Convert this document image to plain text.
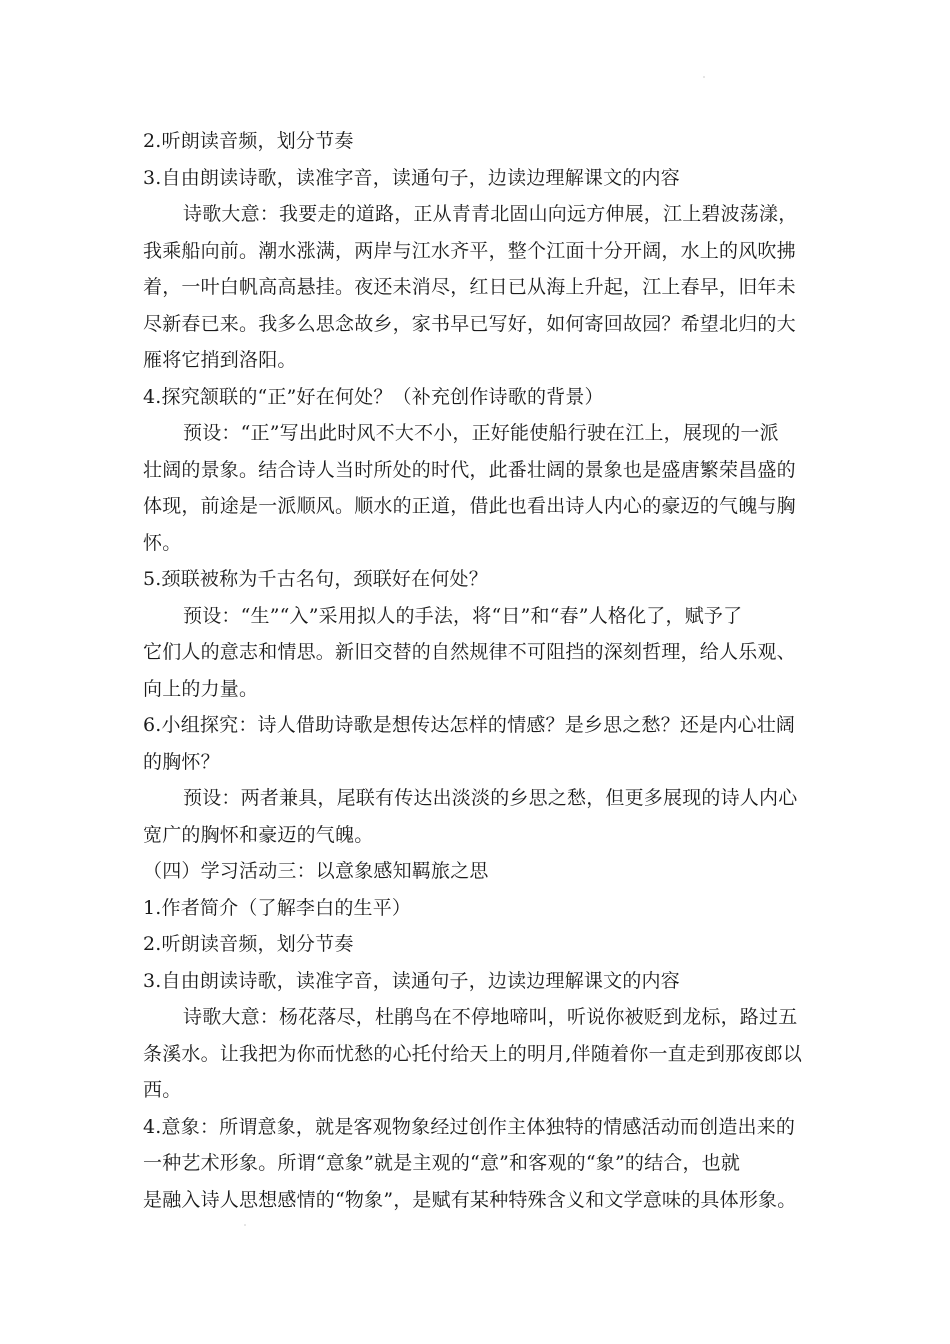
˙
2.听朗读音频，划分节奏
3.自由朗读诗歌，读准字音，读通句子，边读边理解课文的内容
诗歌大意：我要走的道路，正从青青北固山向远方伸展，江上碧波荡漾，
我乘船向前。潮水涨满，两岸与江水齐平，整个江面十分开阔，水上的风吹拂
着，一叶白帆高高悬挂。夜还未消尽，红日已从海上升起，江上春早，旧年未
尽新春已来。我多么思念故乡，家书早已写好，如何寄回故园？希望北归的大
雁将它捎到洛阳。
4.探究颔联的“正”好在何处？（补充创作诗歌的背景）
预设：“正”写出此时风不大不小，正好能使船行驶在江上，展现的一派
壮阔的景象。结合诗人当时所处的时代，此番壮阔的景象也是盛唐繁荣昌盛的
体现，前途是一派顺风。顺水的正道，借此也看出诗人内心的豪迈的气魄与胸
怀。
5.颈联被称为千古名句，颈联好在何处？
预设：“生”“入”采用拟人的手法，将“日”和“春”人格化了，赋予了
它们人的意志和情思。新旧交替的自然规律不可阻挡的深刻哲理，给人乐观、
向上的力量。
6.小组探究：诗人借助诗歌是想传达怎样的情感？是乡思之愁？还是内心壮阔
的胸怀？
预设：两者兼具，尾联有传达出淡淡的乡思之愁，但更多展现的诗人内心
宽广的胸怀和豪迈的气魄。
（四）学习活动三：以意象感知羁旅之思
1.作者简介（了解李白的生平）
2.听朗读音频，划分节奏
3.自由朗读诗歌，读准字音，读通句子，边读边理解课文的内容
诗歌大意：杨花落尽，杜鹃鸟在不停地啼叫，听说你被贬到龙标，路过五
条溪水。让我把为你而忧愁的心托付给天上的明月,伴随着你一直走到那夜郎以
西。
4.意象：所谓意象，就是客观物象经过创作主体独特的情感活动而创造出来的
一种艺术形象。所谓“意象”就是主观的“意”和客观的“象”的结合，也就
是融入诗人思想感情的“物象”，是赋有某种特殊含义和文学意味的具体形象。
˙
